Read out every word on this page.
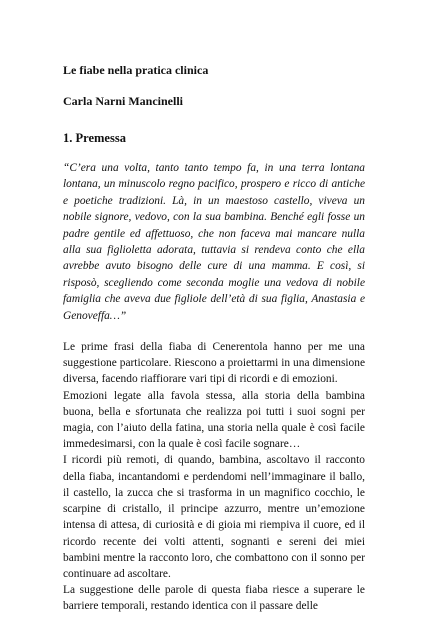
Le fiabe nella pratica clinica

Carla Narni Mancinelli

1. Premessa

“C’era una volta, tanto tanto tempo fa, in una terra lontana lontana, un minuscolo regno pacifico, prospero e ricco di antiche e poetiche tradizioni. Là, in un maestoso castello, viveva un nobile signore, vedovo, con la sua bambina. Benché egli fosse un padre gentile ed affettuoso, che non faceva mai mancare nulla alla sua figlioletta adorata, tuttavia si rendeva conto che ella avrebbe avuto bisogno delle cure di una mamma. E così, si risposò, scegliendo come seconda moglie una vedova di nobile famiglia che aveva due figliole dell’età di sua figlia, Anastasia e Genoveffa…”

Le prime frasi della fiaba di Cenerentola hanno per me una suggestione particolare. Riescono a proiettarmi in una dimensione diversa, facendo riaffiorare vari tipi di ricordi e di emozioni.

Emozioni legate alla favola stessa, alla storia della bambina buona, bella e sfortunata che realizza poi tutti i suoi sogni per magia, con l’aiuto della fatina, una storia nella quale è così facile immedesimarsi, con la quale è così facile sognare…

I ricordi più remoti, di quando, bambina, ascoltavo il racconto della fiaba, incantandomi e perdendomi nell’immaginare il ballo, il castello, la zucca che si trasforma in un magnifico cocchio, le scarpine di cristallo, il principe azzurro, mentre un’emozione intensa di attesa, di curiosità e di gioia mi riempiva il cuore, ed il ricordo recente dei volti attenti, sognanti e sereni dei miei bambini mentre la racconto loro, che combattono con il sonno per continuare ad ascoltare.

La suggestione delle parole di questa fiaba riesce a superare le barriere temporali, restando identica con il passare delle
